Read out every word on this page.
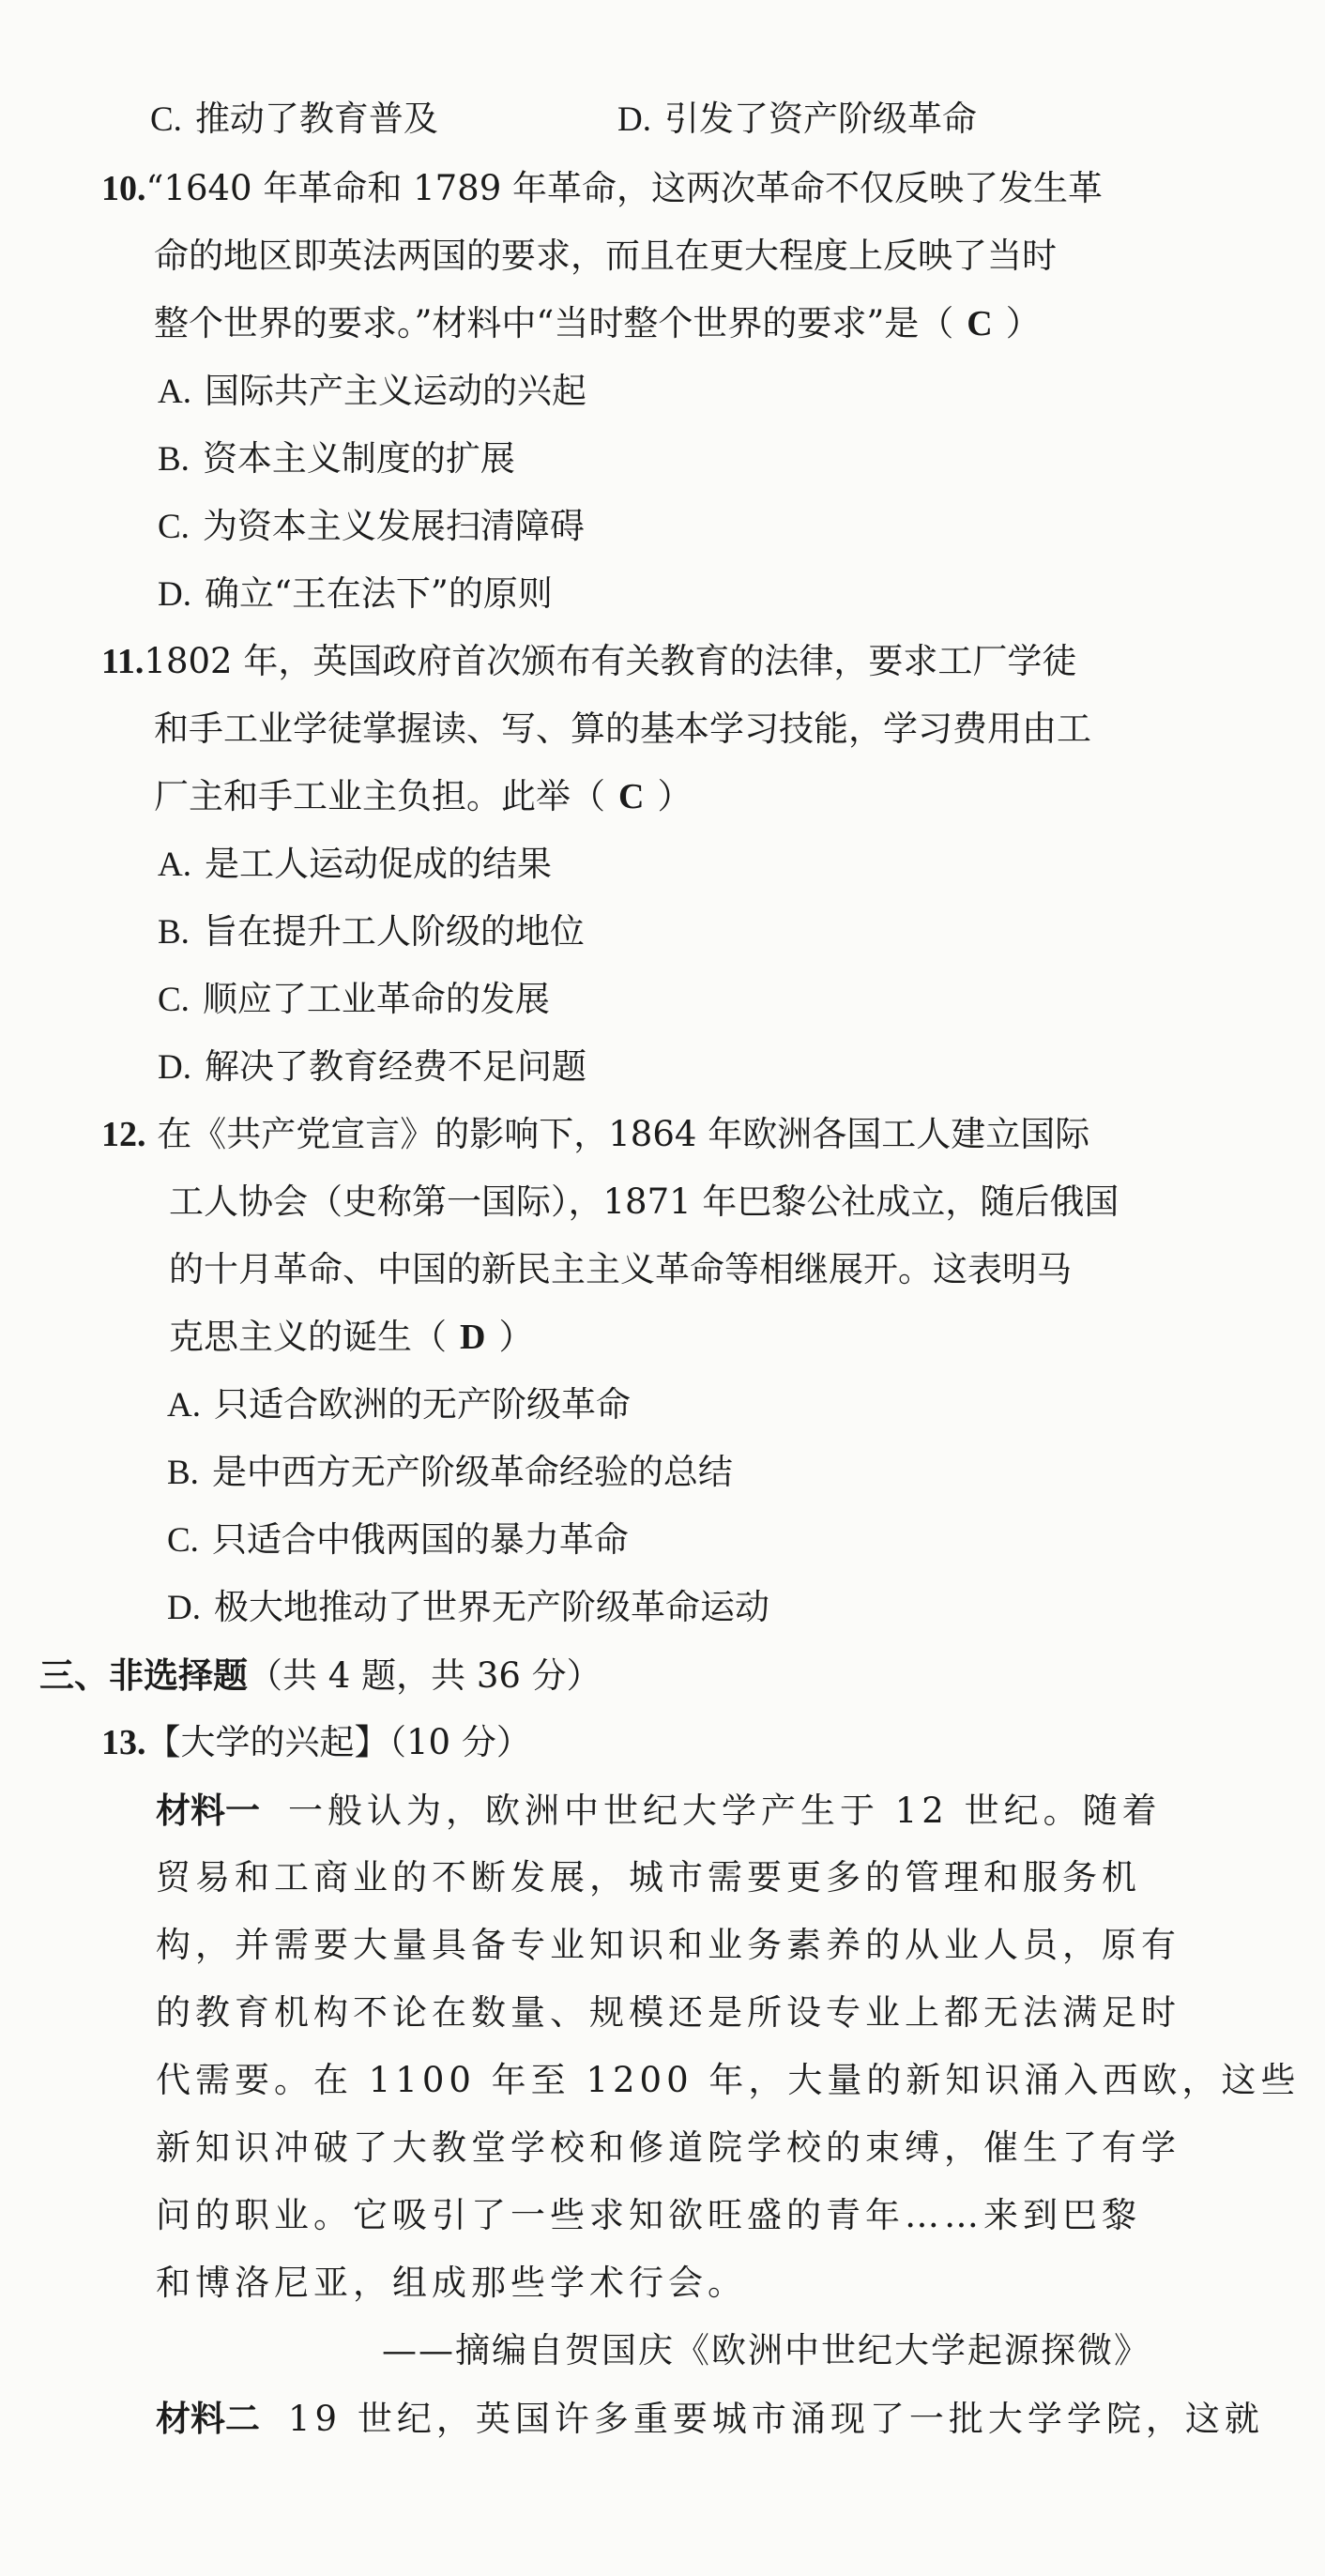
C. 推动了教育普及	D. 引发了资产阶级革命
10.“1640 年革命和 1789 年革命，这两次革命不仅反映了发生革
命的地区即英法两国的要求，而且在更大程度上反映了当时
整个世界的要求。”材料中“当时整个世界的要求”是（ C ）
A. 国际共产主义运动的兴起
B. 资本主义制度的扩展
C. 为资本主义发展扫清障碍
D. 确立“王在法下”的原则
11.1802 年，英国政府首次颁布有关教育的法律，要求工厂学徒
和手工业学徒掌握读、写、算的基本学习技能，学习费用由工
厂主和手工业主负担。此举（ C ）
A. 是工人运动促成的结果
B. 旨在提升工人阶级的地位
C. 顺应了工业革命的发展
D. 解决了教育经费不足问题
12. 在《共产党宣言》的影响下，1864 年欧洲各国工人建立国际
工人协会（史称第一国际），1871 年巴黎公社成立，随后俄国
的十月革命、中国的新民主主义革命等相继展开。这表明马
克思主义的诞生（ D ）
A. 只适合欧洲的无产阶级革命
B. 是中西方无产阶级革命经验的总结
C. 只适合中俄两国的暴力革命
D. 极大地推动了世界无产阶级革命运动
三、非选择题（共 4 题，共 36 分）
13.【大学的兴起】（10 分）
材料一 一般认为，欧洲中世纪大学产生于 12 世纪。随着
贸易和工商业的不断发展，城市需要更多的管理和服务机
构，并需要大量具备专业知识和业务素养的从业人员，原有
的教育机构不论在数量、规模还是所设专业上都无法满足时
代需要。在 1100 年至 1200 年，大量的新知识涌入西欧，这些
新知识冲破了大教堂学校和修道院学校的束缚，催生了有学
问的职业。它吸引了一些求知欲旺盛的青年……来到巴黎
和博洛尼亚，组成那些学术行会。
——摘编自贺国庆《欧洲中世纪大学起源探微》
材料二 19 世纪，英国许多重要城市涌现了一批大学学院，这就
